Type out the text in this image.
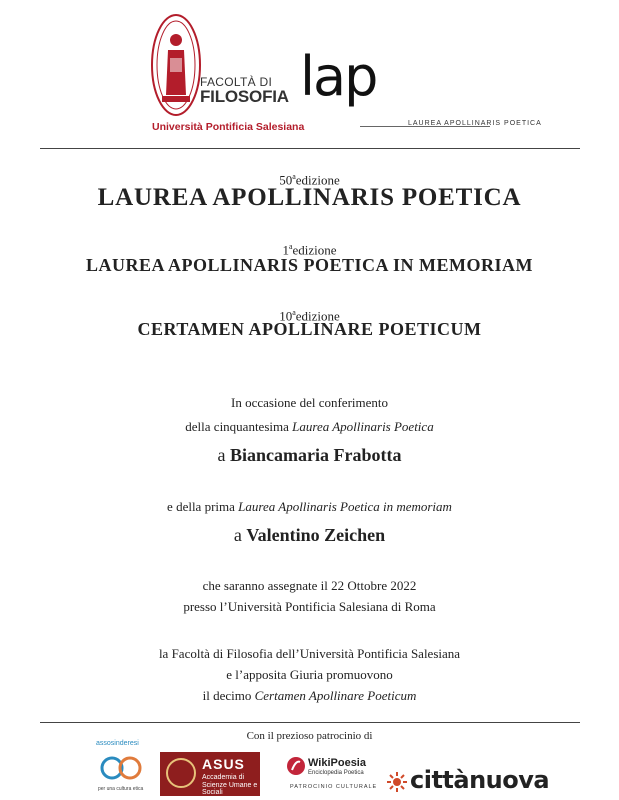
FACOLTÀ DI
FILOSOFIA
Università Pontificia Salesiana
lap
LAUREA APOLLINARIS POETICA
50$^a$edizione
LAUREA APOLLINARIS POETICA
1$^a$edizione
LAUREA APOLLINARIS POETICA IN MEMORIAM
10$^a$edizione
CERTAMEN APOLLINARE POETICUM
In occasione del conferimento
della cinquantesima Laurea Apollinaris Poetica
a Biancamaria Frabotta
e della prima Laurea Apollinaris Poetica in memoriam
a Valentino Zeichen
che saranno assegnate il 22 Ottobre 2022
presso l’Università Pontificia Salesiana di Roma
la Facoltà di Filosofia dell’Università Pontificia Salesiana
e l’apposita Giuria promuovono
il decimo Certamen Apollinare Poeticum
Con il prezioso patrocinio di
assosinderesi
per una cultura etica
ASUS
Accademia di Scienze Umane e Sociali
WikiPoesia
Enciclopedia Poetica
PATROCINIO CULTURALE cittànuova
